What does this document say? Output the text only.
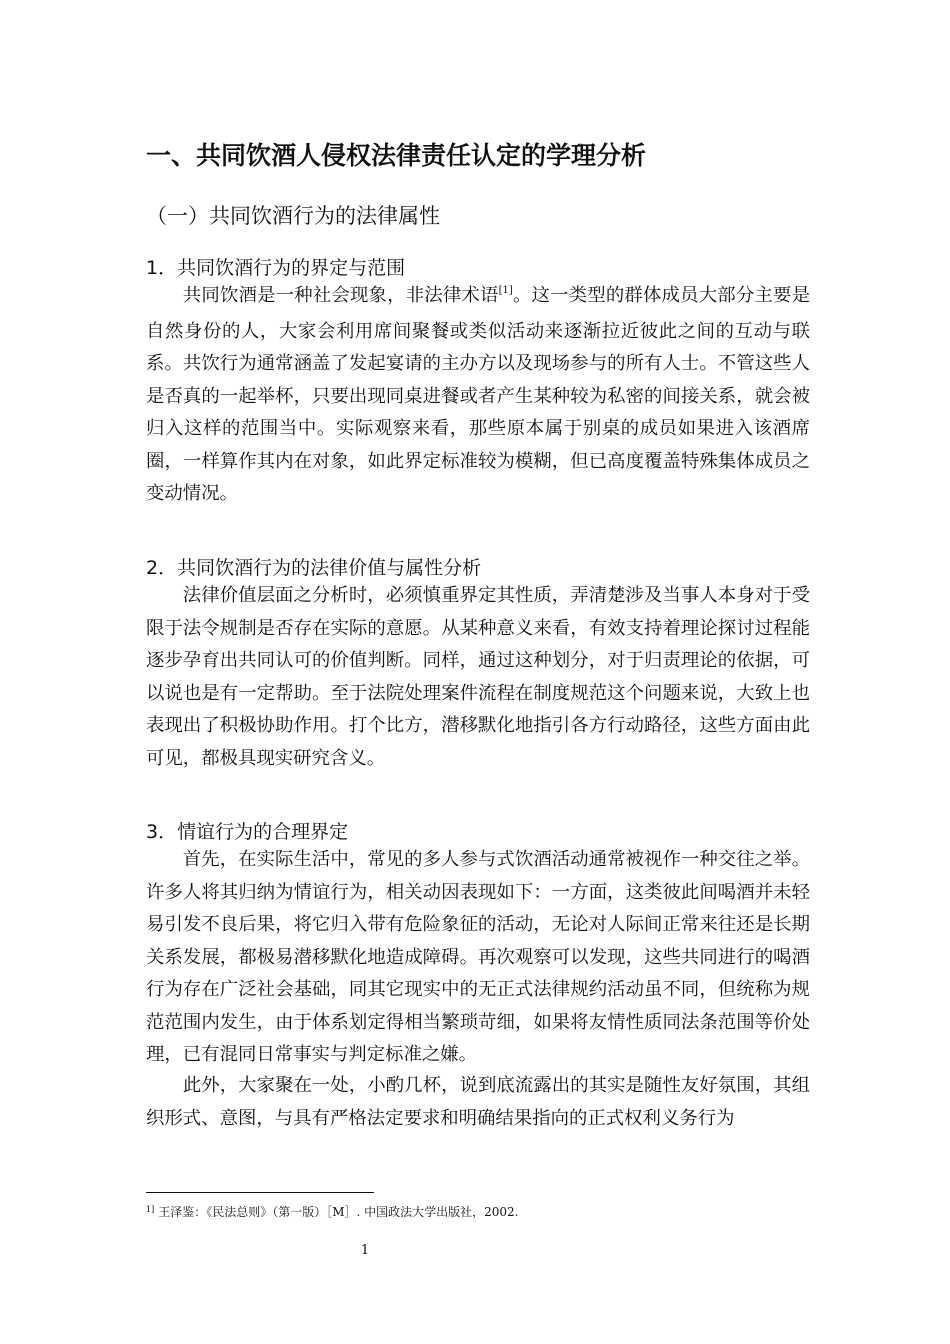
一、共同饮酒人侵权法律责任认定的学理分析
（一）共同饮酒行为的法律属性
1．共同饮酒行为的界定与范围

共同饮酒是一种社会现象，非法律术语[1]。这一类型的群体成员大部分主要是自然身份的人，大家会利用席间聚餐或类似活动来逐渐拉近彼此之间的互动与联系。共饮行为通常涵盖了发起宴请的主办方以及现场参与的所有人士。不管这些人是否真的一起举杯，只要出现同桌进餐或者产生某种较为私密的间接关系，就会被归入这样的范围当中。实际观察来看，那些原本属于别桌的成员如果进入该酒席圈，一样算作其内在对象，如此界定标准较为模糊，但已高度覆盖特殊集体成员之变动情况。

2．共同饮酒行为的法律价值与属性分析

法律价值层面之分析时，必须慎重界定其性质，弄清楚涉及当事人本身对于受限于法令规制是否存在实际的意愿。从某种意义来看，有效支持着理论探讨过程能逐步孕育出共同认可的价值判断。同样，通过这种划分，对于归责理论的依据，可以说也是有一定帮助。至于法院处理案件流程在制度规范这个问题来说，大致上也表现出了积极协助作用。打个比方，潜移默化地指引各方行动路径，这些方面由此可见，都极具现实研究含义。

3．情谊行为的合理界定

首先，在实际生活中，常见的多人参与式饮酒活动通常被视作一种交往之举。许多人将其归纳为情谊行为，相关动因表现如下：一方面，这类彼此间喝酒并未轻易引发不良后果，将它归入带有危险象征的活动，无论对人际间正常来往还是长期关系发展，都极易潜移默化地造成障碍。再次观察可以发现，这些共同进行的喝酒行为存在广泛社会基础，同其它现实中的无正式法律规约活动虽不同，但统称为规范范围内发生，由于体系划定得相当繁琐苛细，如果将友情性质同法条范围等价处理，已有混同日常事实与判定标准之嫌。

此外，大家聚在一处，小酌几杯，说到底流露出的其实是随性友好氛围，其组织形式、意图，与具有严格法定要求和明确结果指向的正式权利义务行为

$^{1]}$ 王泽鉴：《民法总则》（第一版）［M］. 中国政法大学出版社，2002.
1
